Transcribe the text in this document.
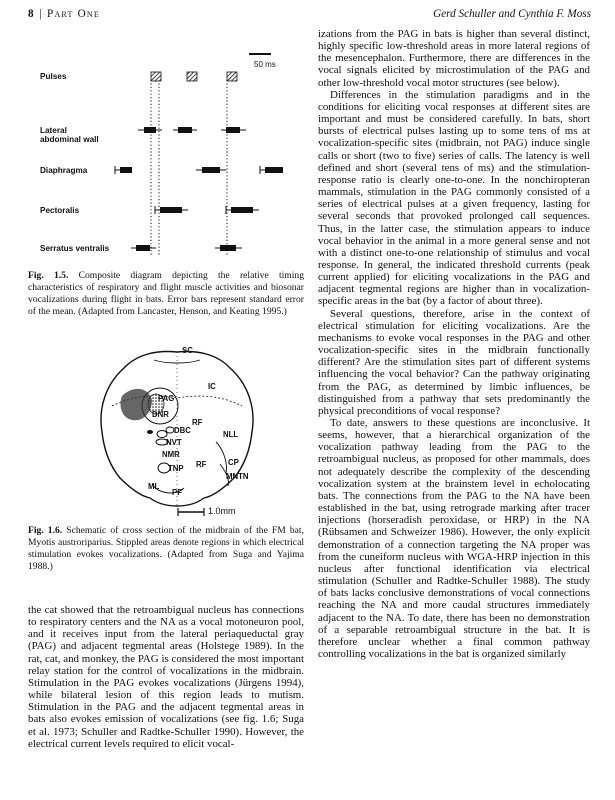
8  |  Part One	Gerd Schuller and Cynthia F. Moss
50 ms
Pulses
Lateral abdominal wall
Diaphragma
Pectoralis
Serratus ventralis
Fig. 1.5. Composite diagram depicting the relative timing characteristics of respiratory and flight muscle activities and biosonar vocalizations during flight in bats. Error bars represent standard error of the mean. (Adapted from Lancaster, Henson, and Keating 1995.)
SC
IC
PAG
DNR
RF
DBC
NVT
NLL
NMR
RF
TNP
CP
MNTN
ML
PF
1.0mm
Fig. 1.6. Schematic of cross section of the midbrain of the FM bat, Myotis austroriparius. Stippled areas denote regions in which electrical stimulation evokes vocalizations. (Adapted from Suga and Yajima 1988.)

the cat showed that the retroambigual nucleus has connections to respiratory centers and the NA as a vocal motoneuron pool, and it receives input from the lateral periaqueductal gray (PAG) and adjacent tegmental areas (Holstege 1989). In the rat, cat, and monkey, the PAG is considered the most important relay station for the control of vocalizations in the midbrain. Stimulation in the PAG evokes vocalizations (Jürgens 1994), while bilateral lesion of this region leads to mutism. Stimulation in the PAG and the adjacent tegmental areas in bats also evokes emission of vocalizations (see fig. 1.6; Suga et al. 1973; Schuller and Radtke-Schuller 1990). However, the electrical current levels required to elicit vocal-

izations from the PAG in bats is higher than several distinct, highly specific low-threshold areas in more lateral regions of the mesencephalon. Furthermore, there are differences in the vocal signals elicited by microstimulation of the PAG and other low-threshold vocal motor structures (see below).

Differences in the stimulation paradigms and in the conditions for eliciting vocal responses at different sites are important and must be considered carefully. In bats, short bursts of electrical pulses lasting up to some tens of ms at vocalization-specific sites (midbrain, not PAG) induce single calls or short (two to five) series of calls. The latency is well defined and short (several tens of ms) and the stimulation-response ratio is clearly one-to-one. In the nonchiropteran mammals, stimulation in the PAG commonly consisted of a series of electrical pulses at a given frequency, lasting for several seconds that provoked prolonged call sequences. Thus, in the latter case, the stimulation appears to induce vocal behavior in the animal in a more general sense and not with a distinct one-to-one relationship of stimulus and vocal response. In general, the indicated threshold currents (peak current applied) for eliciting vocalizations in the PAG and adjacent tegmental regions are higher than in vocalization-specific areas in the bat (by a factor of about three).

Several questions, therefore, arise in the context of electrical stimulation for eliciting vocalizations. Are the mechanisms to evoke vocal responses in the PAG and other vocalization-specific sites in the midbrain functionally different? Are the stimulation sites part of different systems influencing the vocal behavior? Can the pathway originating from the PAG, as determined by limbic influences, be distinguished from a pathway that sets predominantly the physical preconditions of vocal response?

To date, answers to these questions are inconclusive. It seems, however, that a hierarchical organization of the vocalization pathway leading from the PAG to the retroambigual nucleus, as proposed for other mammals, does not adequately describe the complexity of the descending vocalization system at the brainstem level in echolocating bats. The connections from the PAG to the NA have been established in the bat, using retrograde marking after tracer injections (horseradish peroxidase, or HRP) in the NA (Rübsamen and Schweizer 1986). However, the only explicit demonstration of a connection targeting the NA proper was from the cuneiform nucleus with WGA-HRP injection in this nucleus after functional identification via electrical stimulation (Schuller and Radtke-Schuller 1988). The study of bats lacks conclusive demonstrations of vocal connections reaching the NA and more caudal structures immediately adjacent to the NA. To date, there has been no demonstration of a separable retroambigual structure in the bat. It is therefore unclear whether a final common pathway controlling vocalizations in the bat is organized similarly
